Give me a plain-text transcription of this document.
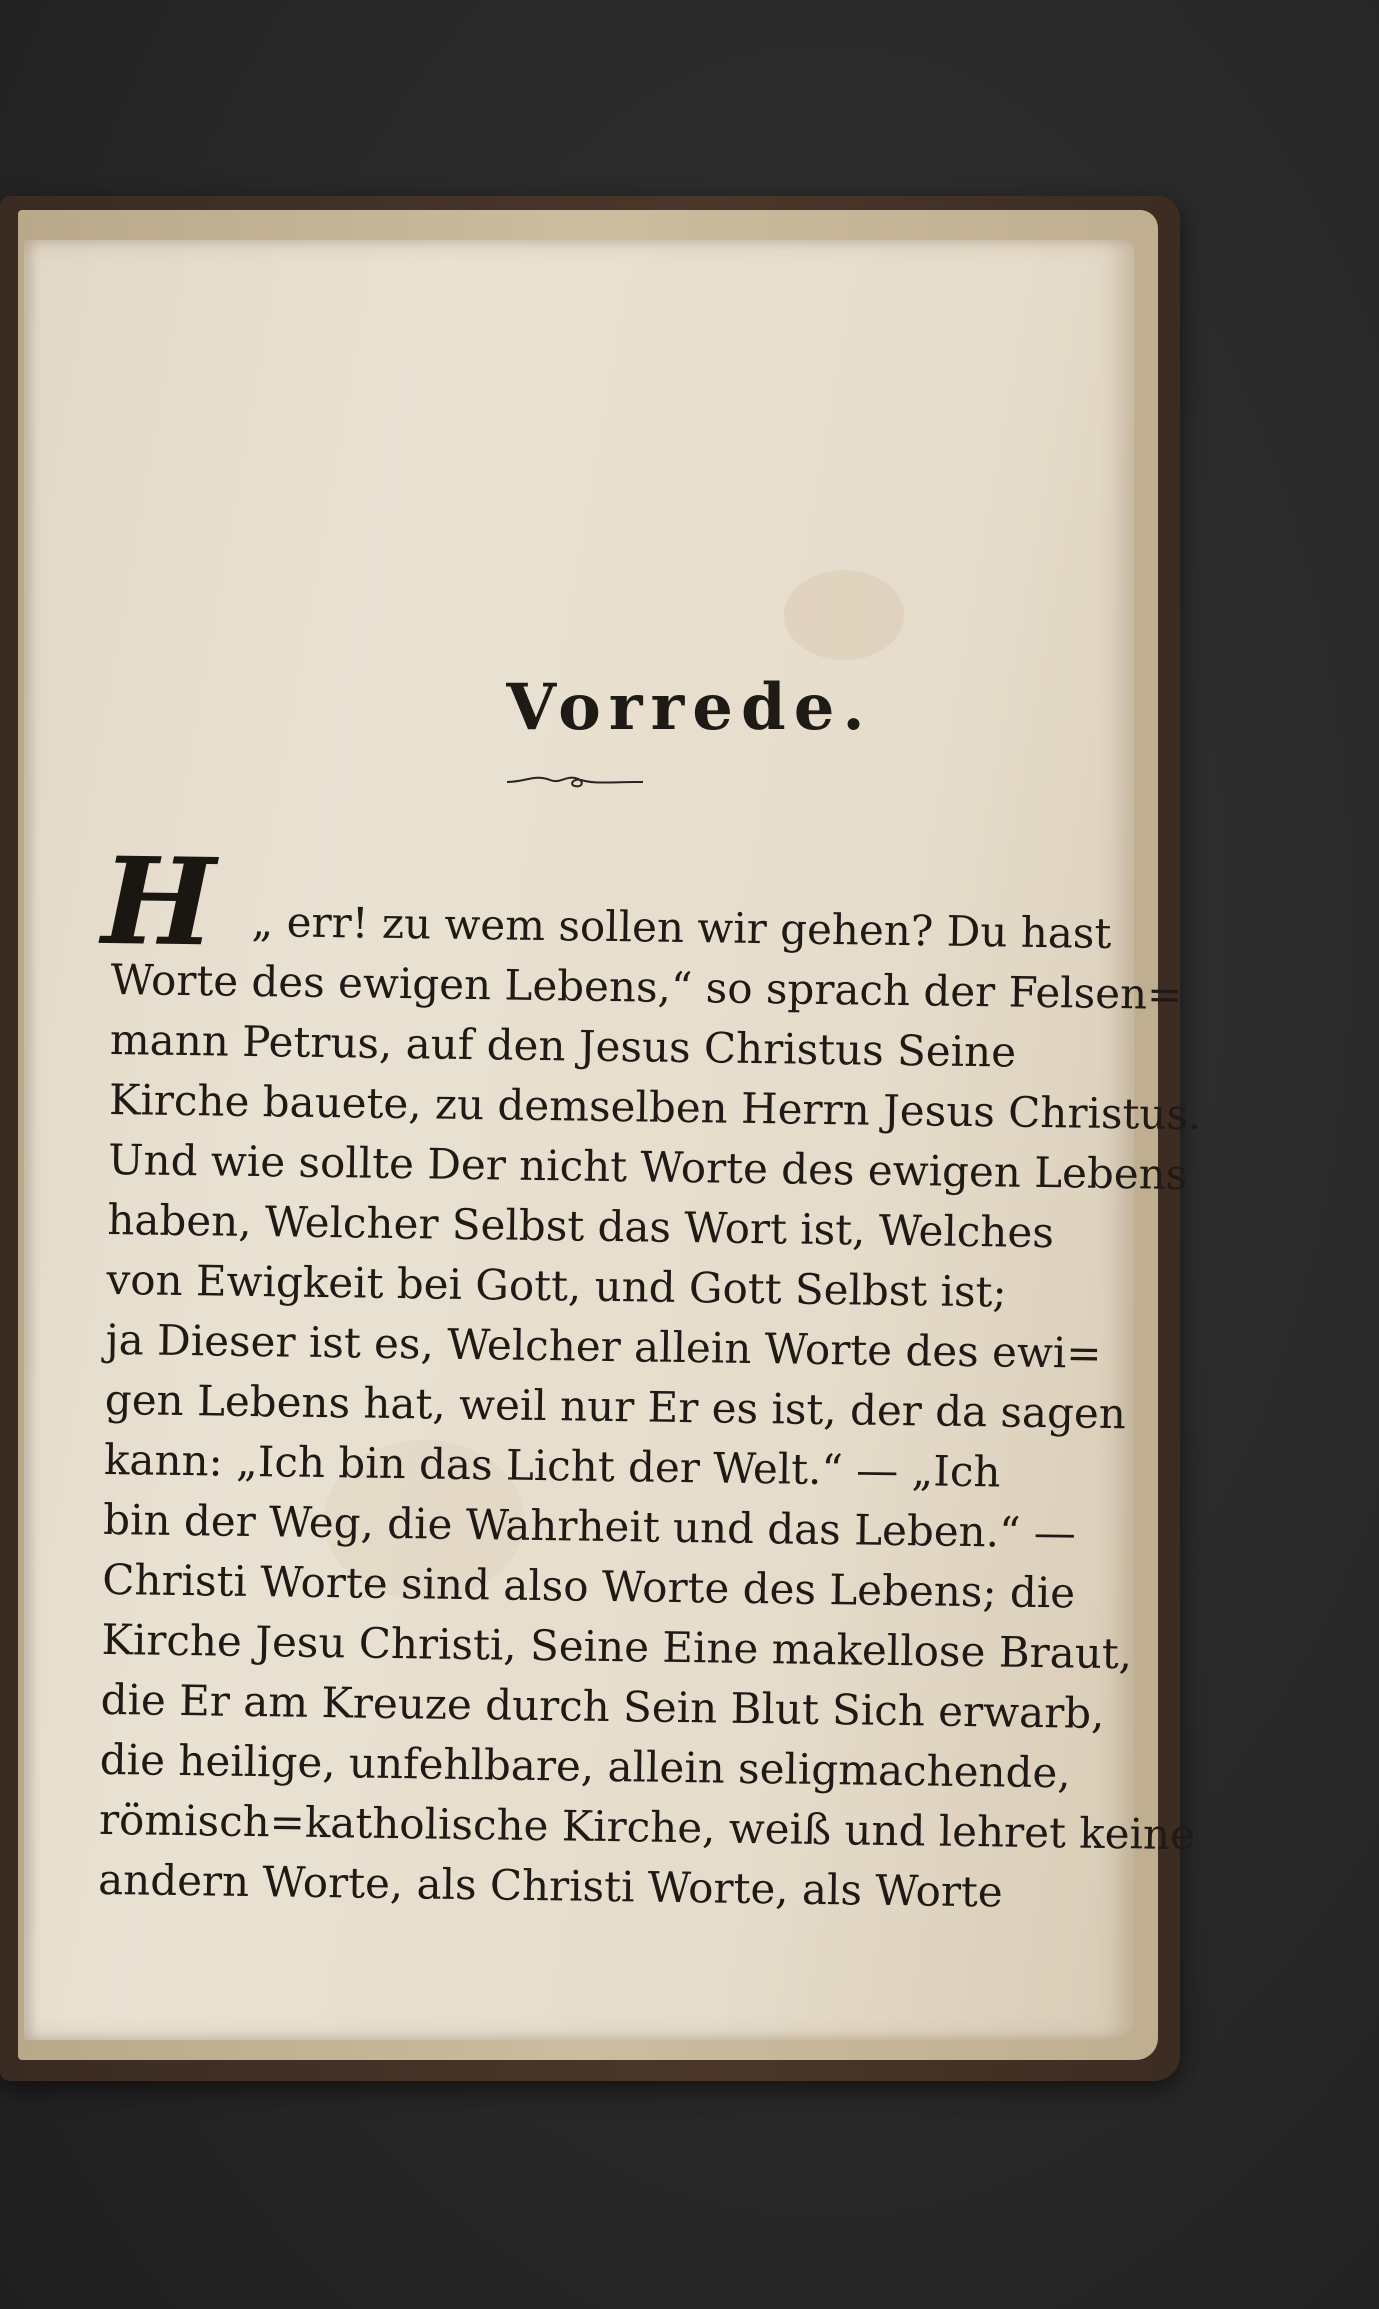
Vorrede.
H „ err! zu wem sollen wir gehen? Du hast
Worte des ewigen Lebens,“ so sprach der Felsen=
mann Petrus, auf den Jesus Christus Seine
Kirche bauete, zu demselben Herrn Jesus Christus.
Und wie sollte Der nicht Worte des ewigen Lebens
haben, Welcher Selbst das Wort ist, Welches
von Ewigkeit bei Gott, und Gott Selbst ist;
ja Dieser ist es, Welcher allein Worte des ewi=
gen Lebens hat, weil nur Er es ist, der da sagen
kann: „Ich bin das Licht der Welt.“ — „Ich
bin der Weg, die Wahrheit und das Leben.“ —
Christi Worte sind also Worte des Lebens; die
Kirche Jesu Christi, Seine Eine makellose Braut,
die Er am Kreuze durch Sein Blut Sich erwarb,
die heilige, unfehlbare, allein seligmachende,
römisch=katholische Kirche, weiß und lehret keine
andern Worte, als Christi Worte, als Worte
